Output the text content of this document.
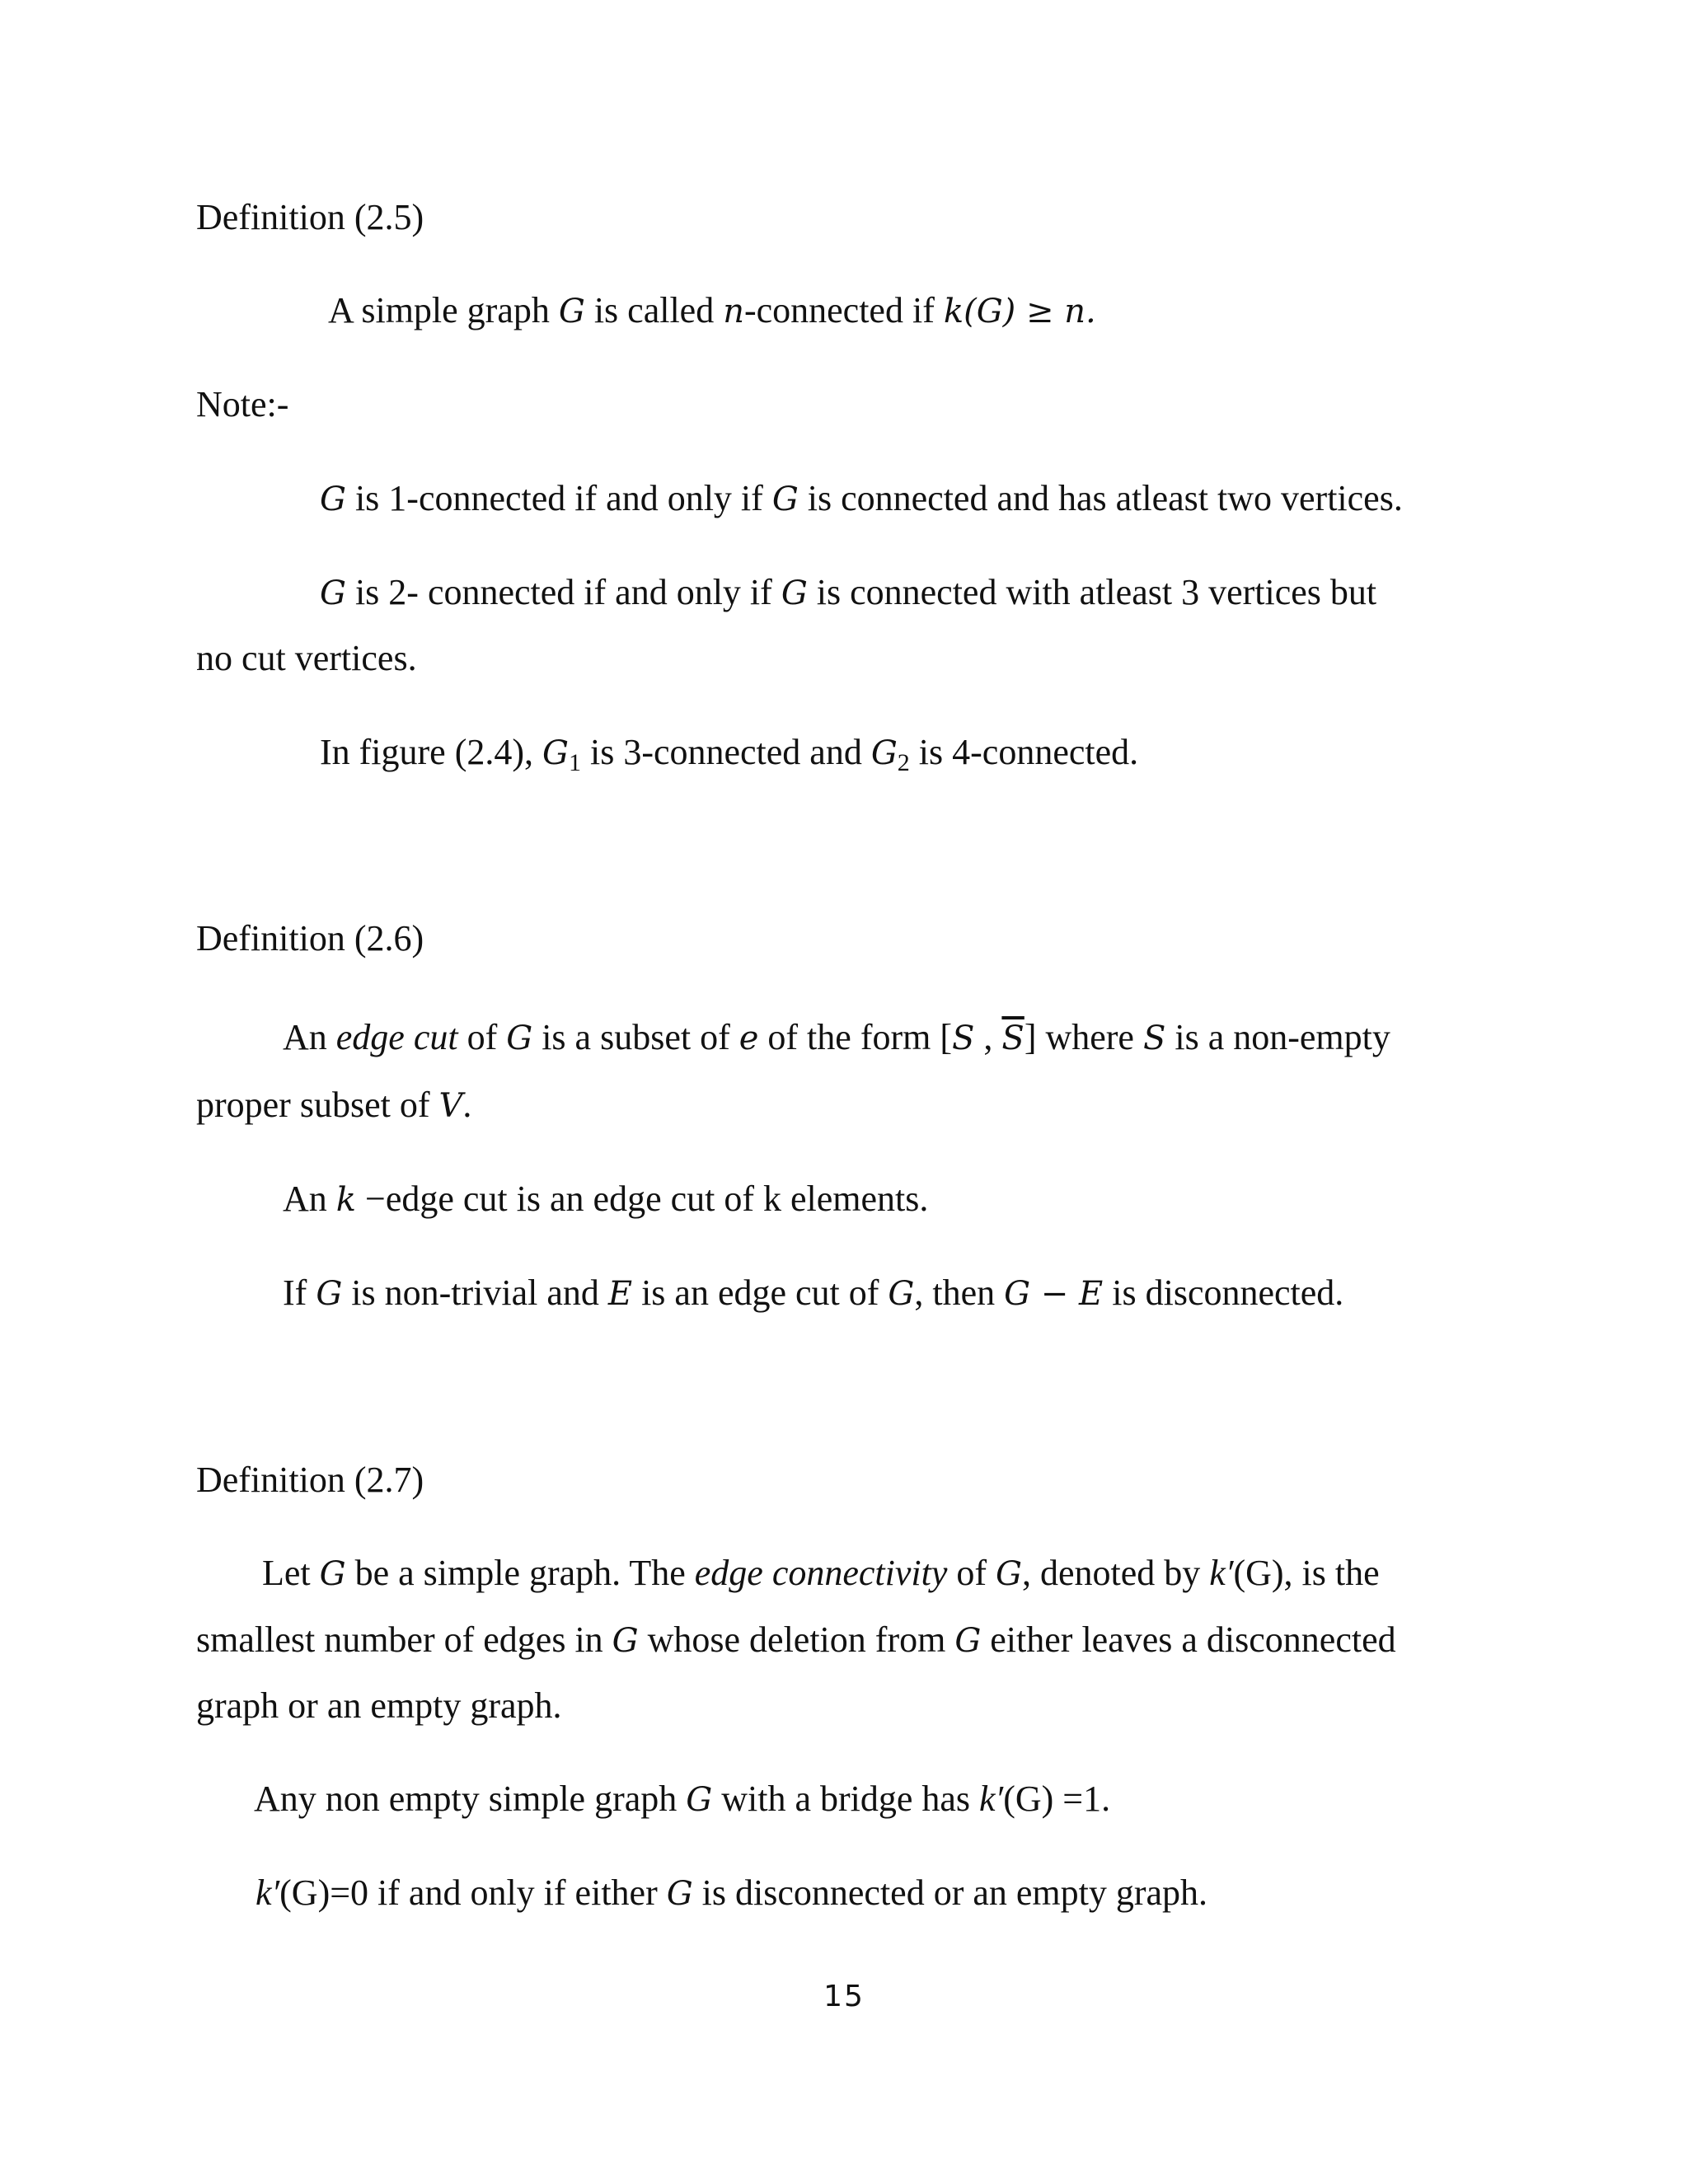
Definition (2.5)
A simple graph G is called n-connected if k(G) ≥ n.
Note:-
G is 1-connected if and only if G is connected and has atleast two vertices.
G is 2- connected if and only if G is connected with atleast 3 vertices but
no cut vertices.
In figure (2.4), $G_1$ is 3-connected and $G_2$ is 4-connected.
Definition (2.6)
An edge cut of G is a subset of e of the form [S , $\overline{S}$] where S is a non-empty
proper subset of V.
An k −edge cut is an edge cut of k elements.
If G is non-trivial and E is an edge cut of G, then G − E is disconnected.
Definition (2.7)
Let G be a simple graph. The edge connectivity of G, denoted by k′(G), is the
smallest number of edges in G whose deletion from G either leaves a disconnected
graph or an empty graph.
Any non empty simple graph G with a bridge has k′(G) =1.
k′(G)=0 if and only if either G is disconnected or an empty graph.
15
